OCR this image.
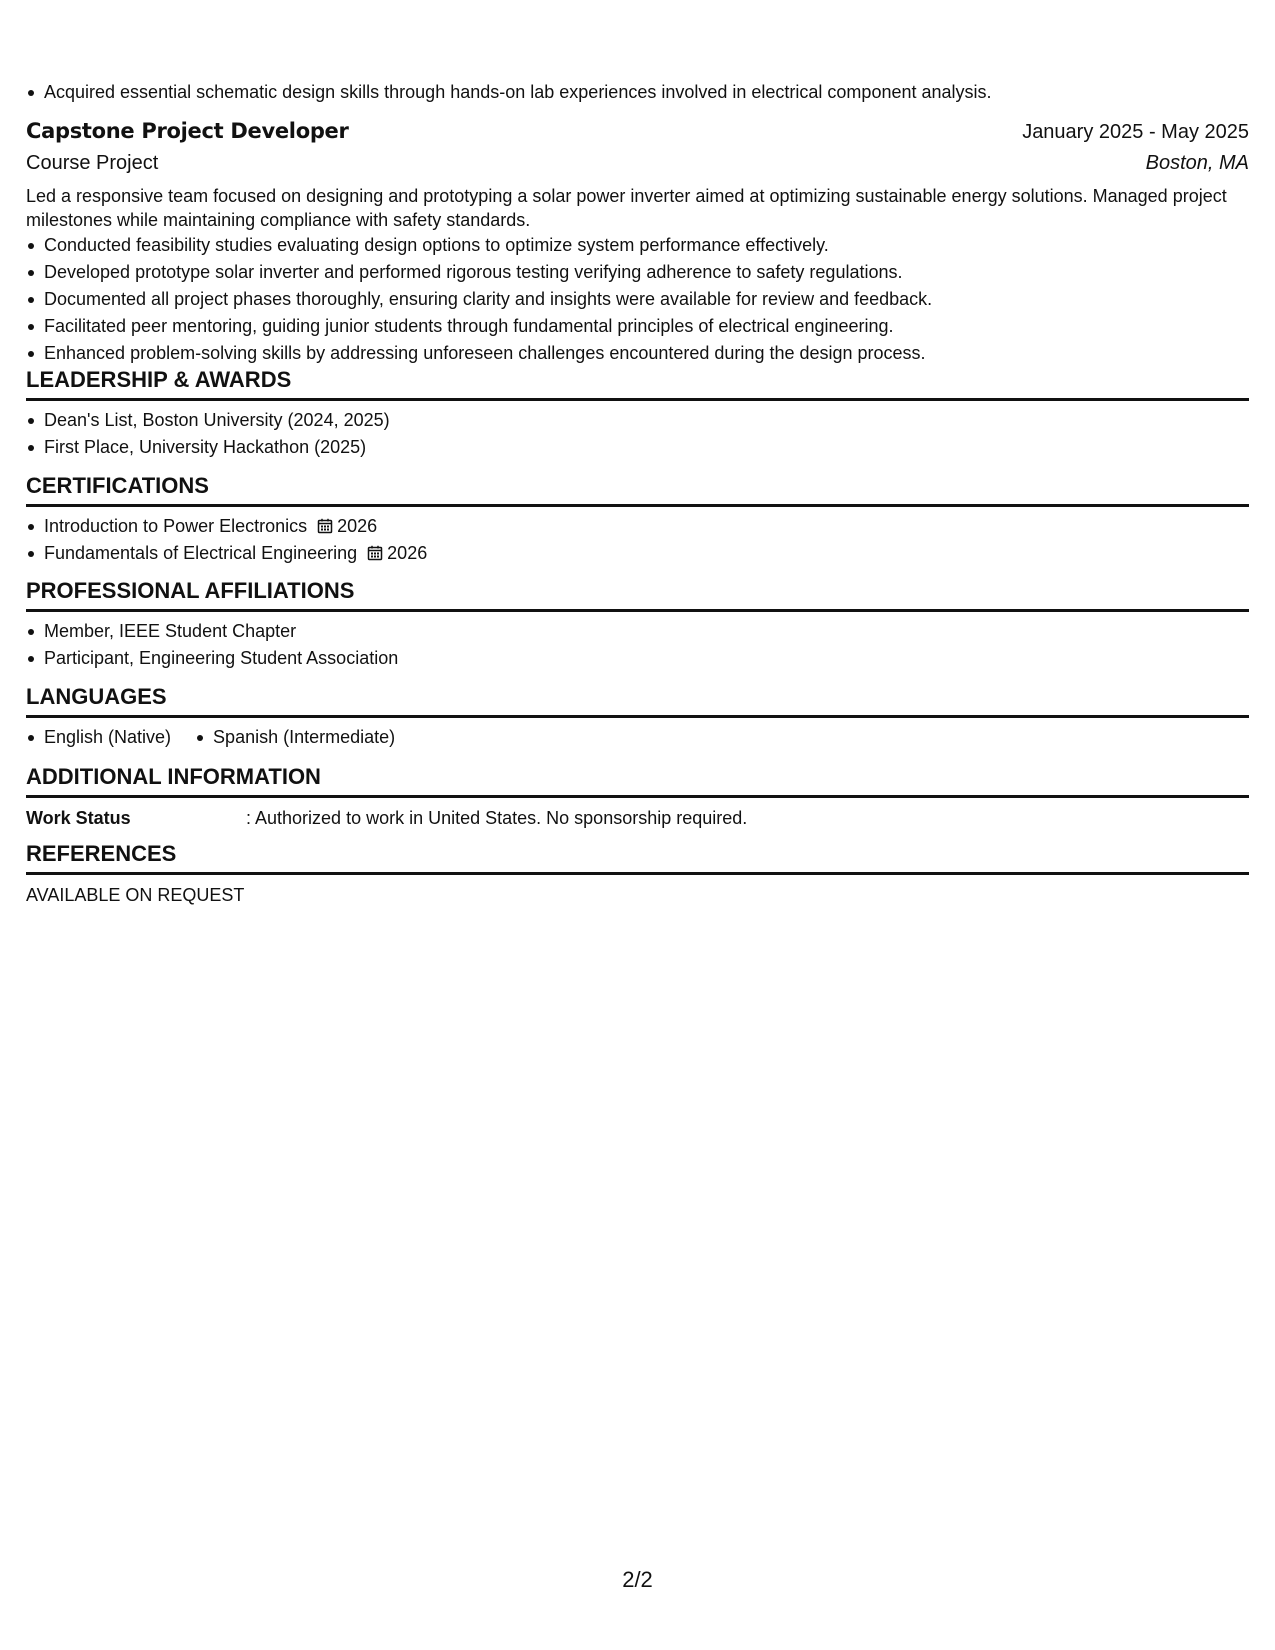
Acquired essential schematic design skills through hands-on lab experiences involved in electrical component analysis.
Capstone Project Developer	January 2025 - May 2025
Course Project	Boston, MA
Led a responsive team focused on designing and prototyping a solar power inverter aimed at optimizing sustainable energy solutions. Managed project milestones while maintaining compliance with safety standards.
Conducted feasibility studies evaluating design options to optimize system performance effectively.
Developed prototype solar inverter and performed rigorous testing verifying adherence to safety regulations.
Documented all project phases thoroughly, ensuring clarity and insights were available for review and feedback.
Facilitated peer mentoring, guiding junior students through fundamental principles of electrical engineering.
Enhanced problem-solving skills by addressing unforeseen challenges encountered during the design process.
LEADERSHIP & AWARDS
Dean's List, Boston University (2024, 2025)
First Place, University Hackathon (2025)
CERTIFICATIONS
Introduction to Power Electronics 2026
Fundamentals of Electrical Engineering 2026
PROFESSIONAL AFFILIATIONS
Member, IEEE Student Chapter
Participant, Engineering Student Association
LANGUAGES
English (Native)	Spanish (Intermediate)
ADDITIONAL INFORMATION
Work Status	: Authorized to work in United States. No sponsorship required.
REFERENCES
AVAILABLE ON REQUEST
2/2
